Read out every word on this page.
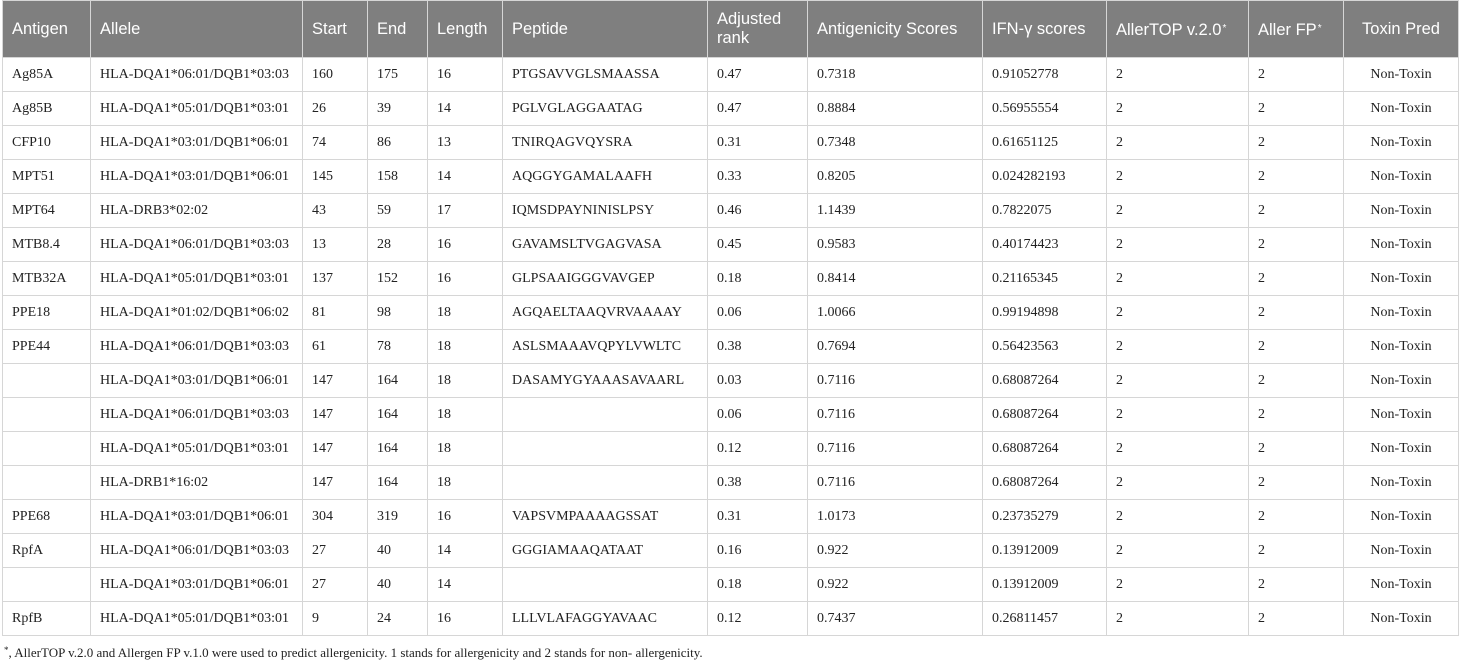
Antigen	Allele	Start	End	Length	Peptide	Adjusted rank	Antigenicity Scores	IFN-γ scores	AllerTOP v.2.0*	Aller FP*	Toxin Pred
Ag85A	HLA-DQA1*06:01/DQB1*03:03	160	175	16	PTGSAVVGLSMAASSA	0.47	0.7318	0.91052778	2	2	Non-Toxin
Ag85B	HLA-DQA1*05:01/DQB1*03:01	26	39	14	PGLVGLAGGAATAG	0.47	0.8884	0.56955554	2	2	Non-Toxin
CFP10	HLA-DQA1*03:01/DQB1*06:01	74	86	13	TNIRQAGVQYSRA	0.31	0.7348	0.61651125	2	2	Non-Toxin
MPT51	HLA-DQA1*03:01/DQB1*06:01	145	158	14	AQGGYGAMALAAFH	0.33	0.8205	0.024282193	2	2	Non-Toxin
MPT64	HLA-DRB3*02:02	43	59	17	IQMSDPAYNINISLPSY	0.46	1.1439	0.7822075	2	2	Non-Toxin
MTB8.4	HLA-DQA1*06:01/DQB1*03:03	13	28	16	GAVAMSLTVGAGVASA	0.45	0.9583	0.40174423	2	2	Non-Toxin
MTB32A	HLA-DQA1*05:01/DQB1*03:01	137	152	16	GLPSAAIGGGVAVGEP	0.18	0.8414	0.21165345	2	2	Non-Toxin
PPE18	HLA-DQA1*01:02/DQB1*06:02	81	98	18	AGQAELTAAQVRVAAAAY	0.06	1.0066	0.99194898	2	2	Non-Toxin
PPE44	HLA-DQA1*06:01/DQB1*03:03	61	78	18	ASLSMAAAVQPYLVWLTC	0.38	0.7694	0.56423563	2	2	Non-Toxin
	HLA-DQA1*03:01/DQB1*06:01	147	164	18	DASAMYGYAAASAVAARL	0.03	0.7116	0.68087264	2	2	Non-Toxin
	HLA-DQA1*06:01/DQB1*03:03	147	164	18		0.06	0.7116	0.68087264	2	2	Non-Toxin
	HLA-DQA1*05:01/DQB1*03:01	147	164	18		0.12	0.7116	0.68087264	2	2	Non-Toxin
	HLA-DRB1*16:02	147	164	18		0.38	0.7116	0.68087264	2	2	Non-Toxin
PPE68	HLA-DQA1*03:01/DQB1*06:01	304	319	16	VAPSVMPAAAAGSSAT	0.31	1.0173	0.23735279	2	2	Non-Toxin
RpfA	HLA-DQA1*06:01/DQB1*03:03	27	40	14	GGGIAMAAQATAAT	0.16	0.922	0.13912009	2	2	Non-Toxin
	HLA-DQA1*03:01/DQB1*06:01	27	40	14		0.18	0.922	0.13912009	2	2	Non-Toxin
RpfB	HLA-DQA1*05:01/DQB1*03:01	9	24	16	LLLVLAFAGGYAVAAC	0.12	0.7437	0.26811457	2	2	Non-Toxin
*, AllerTOP v.2.0 and Allergen FP v.1.0 were used to predict allergenicity. 1 stands for allergenicity and 2 stands for non- allergenicity.
